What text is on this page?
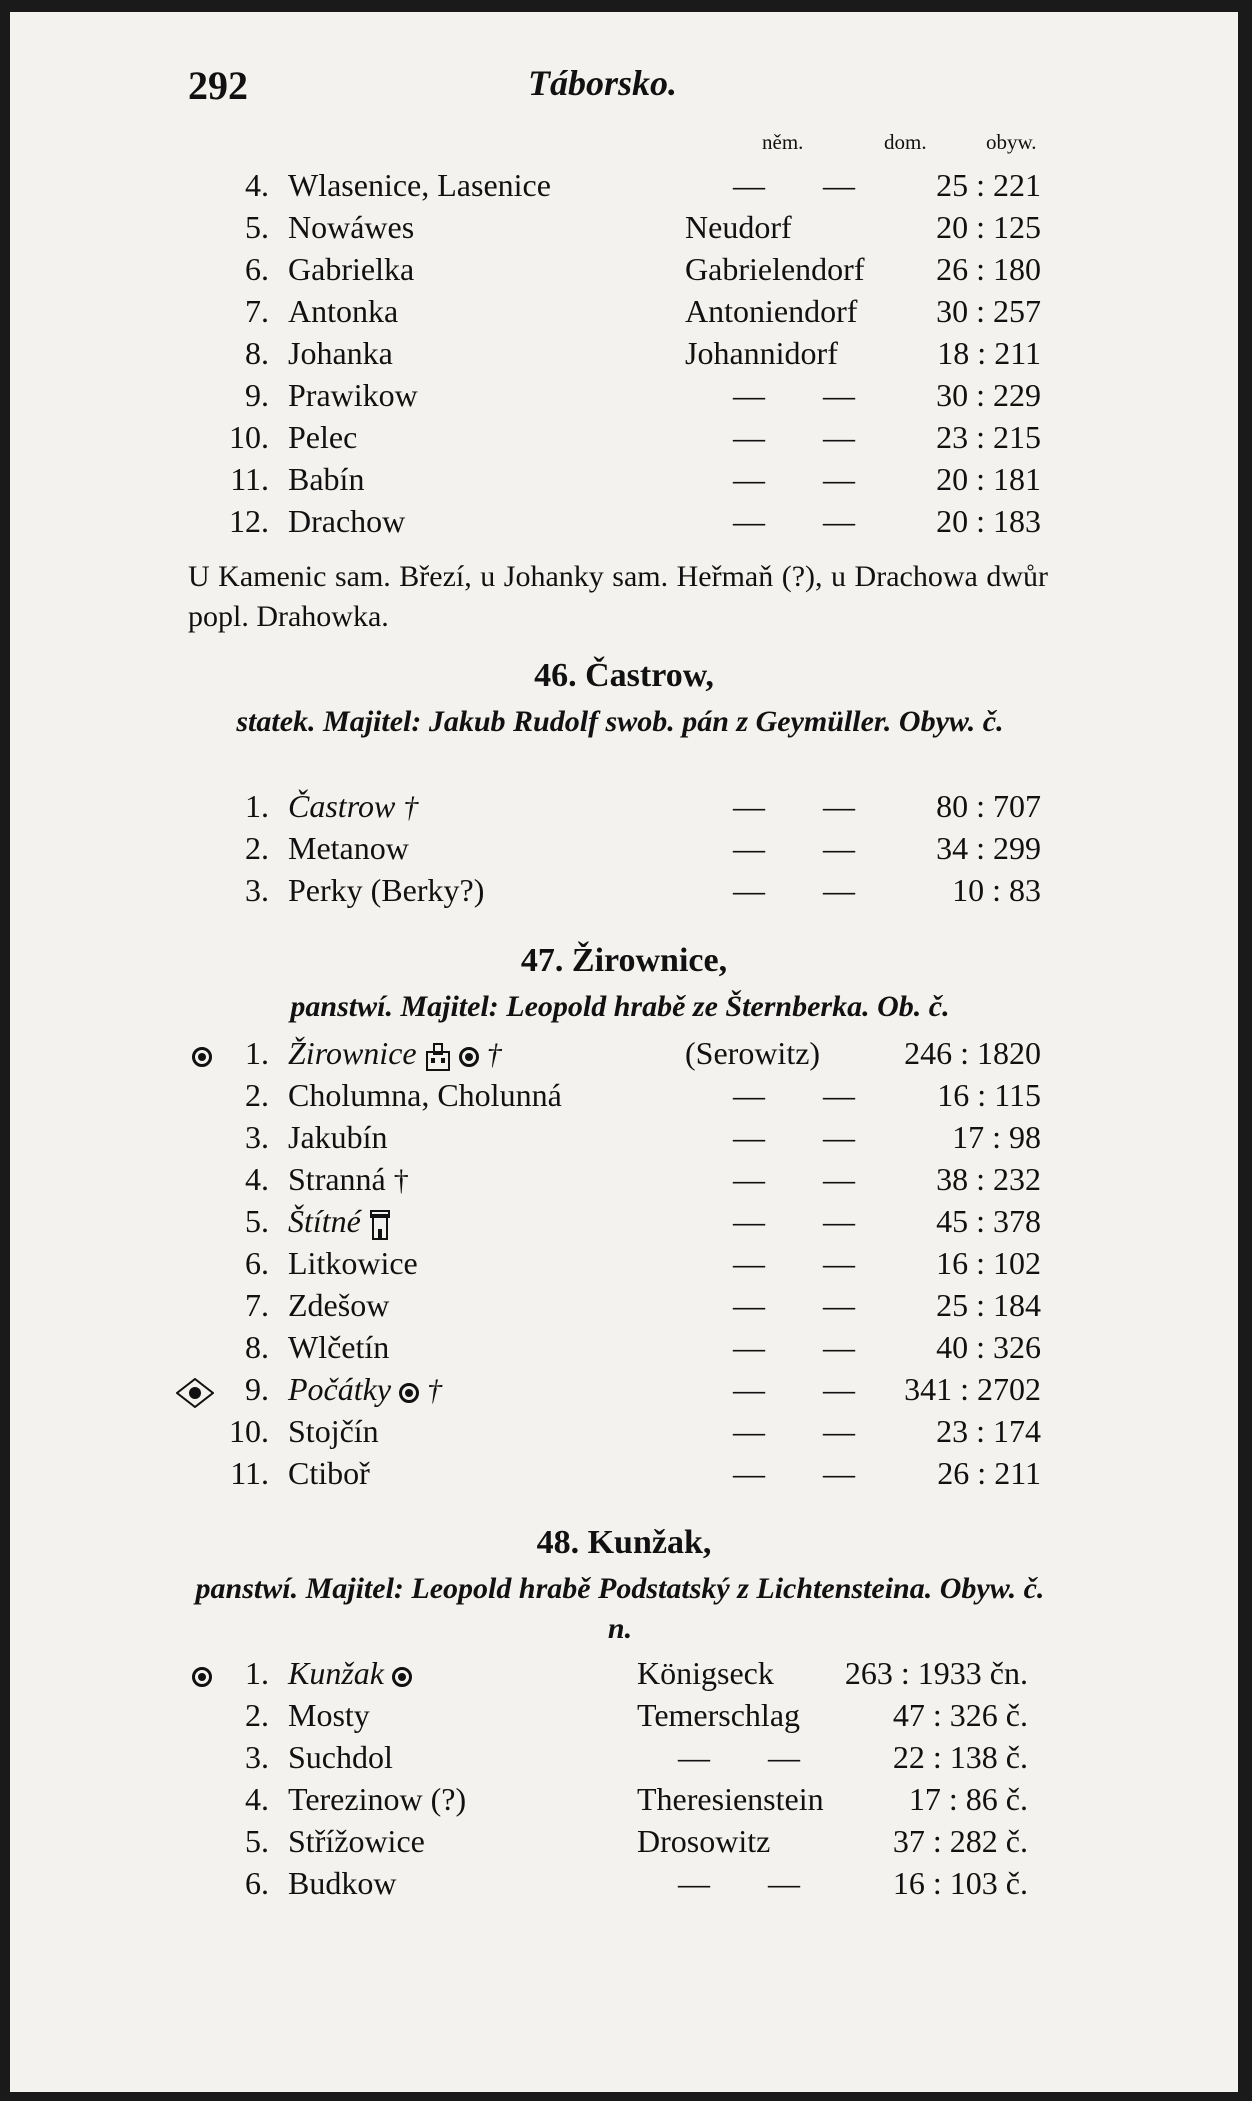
292	Táborsko.
něm.	dom.	obyw.
4. Wlasenice, Lasenice	— —	25 : 221
5. Nowáwes	Neudorf	20 : 125
6. Gabrielka	Gabrielendorf 26 : 180
7. Antonka	Antoniendorf 30 : 257
8. Johanka	Johannidorf	18 : 211
9. Prawikow	— —	30 : 229
10. Pelec	— —	23 : 215
11. Babín	— —	20 : 181
12. Drachow	— —	20 : 183
U Kamenic sam. Březí, u Johanky sam. Heřmaň (?), u Drachowa dwůr popl. Drahowka.
46. Častrow,
statek. Majitel: Jakub Rudolf swob. pán z Geymüller. Obyw. č.
1. Častrow †	— —	80 : 707
2. Metanow	— —	34 : 299
3. Perky (Berky?)	— —	10 : 83
47. Žirownice,
panstwí. Majitel: Leopold hrabě ze Šternberka. Ob. č.
1. Žirownice †	(Serowitz)	246 : 1820
2. Cholumna, Cholunná	— —	16 : 115
3. Jakubín	— —	17 : 98
4. Stranná †	— —	38 : 232
5. Štítné	— —	45 : 378
6. Litkowice	— —	16 : 102
7. Zdešow	— —	25 : 184
8. Wlčetín	— —	40 : 326
9. Počátky †	— — 341 : 2702
10. Stojčín	— —	23 : 174
11. Ctiboř	— —	26 : 211
48. Kunžak,
panstwí. Majitel: Leopold hrabě Podstatský z Lichtensteina. Obyw. č. n.
1. Kunžak	Königseck 263 : 1933 čn.
2. Mosty	Temerschlag	47 : 326 č.
3. Suchdol	— —	22 : 138 č.
4. Terezinow (?)	Theresienstein	17 : 86 č.
5. Střížowice	Drosowitz	37 : 282 č.
6. Budkow	— —	16 : 103 č.
